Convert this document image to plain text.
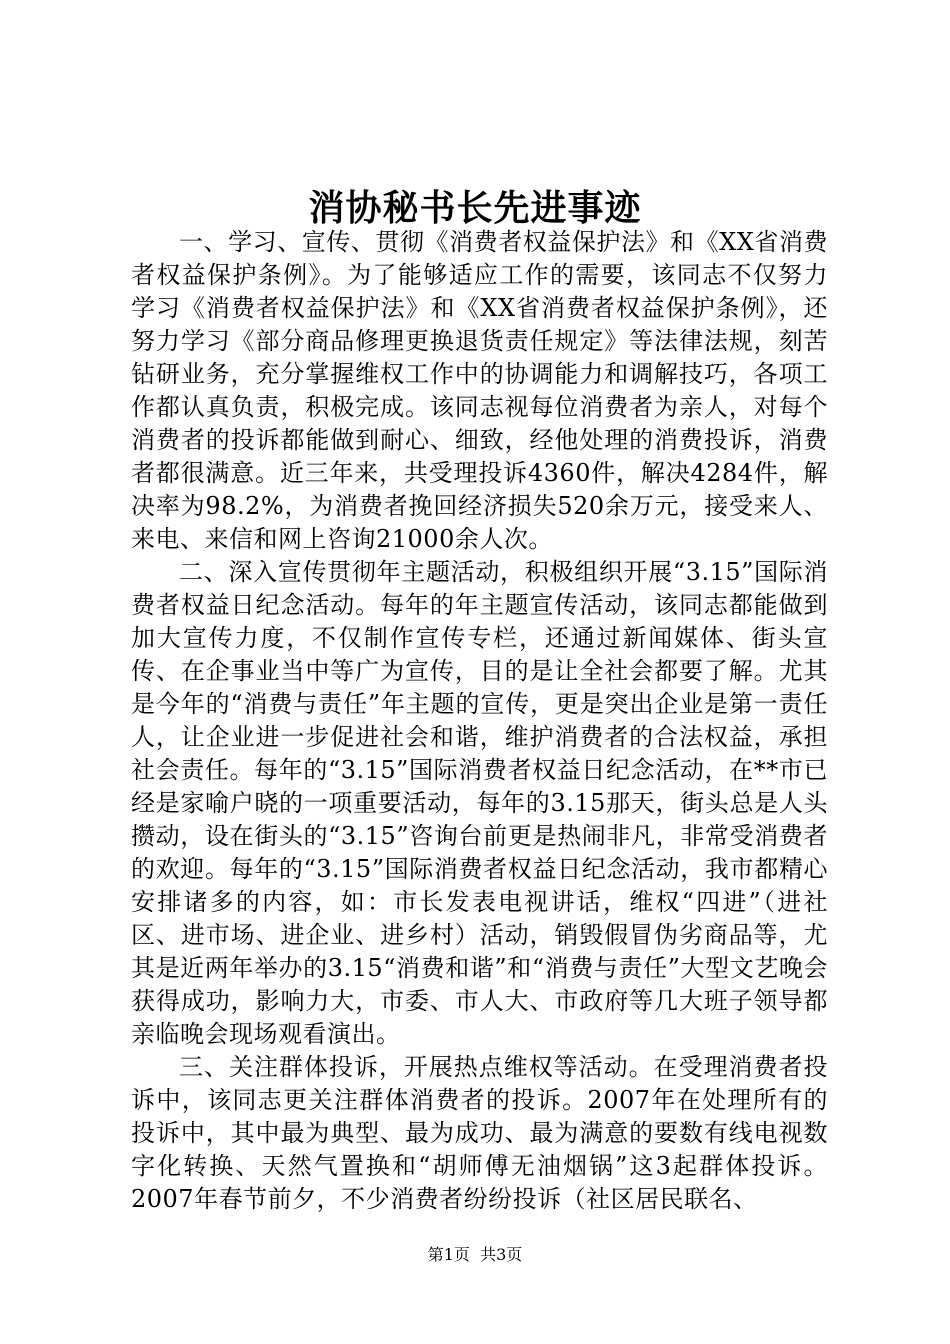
消协秘书长先进事迹

一、学习、宣传、贯彻《消费者权益保护法》和《XX省消费者权益保护条例》。为了能够适应工作的需要，该同志不仅努力学习《消费者权益保护法》和《XX省消费者权益保护条例》，还努力学习《部分商品修理更换退货责任规定》等法律法规，刻苦钻研业务，充分掌握维权工作中的协调能力和调解技巧，各项工作都认真负责，积极完成。该同志视每位消费者为亲人，对每个消费者的投诉都能做到耐心、细致，经他处理的消费投诉，消费者都很满意。近三年来，共受理投诉4360件，解决4284件，解决率为98.2%，为消费者挽回经济损失520余万元，接受来人、来电、来信和网上咨询21000余人次。

二、深入宣传贯彻年主题活动，积极组织开展“3.15”国际消费者权益日纪念活动。每年的年主题宣传活动，该同志都能做到加大宣传力度，不仅制作宣传专栏，还通过新闻媒体、街头宣传、在企事业当中等广为宣传，目的是让全社会都要了解。尤其是今年的“消费与责任”年主题的宣传，更是突出企业是第一责任人，让企业进一步促进社会和谐，维护消费者的合法权益，承担社会责任。每年的“3.15”国际消费者权益日纪念活动，在**市已经是家喻户晓的一项重要活动，每年的3.15那天，街头总是人头攒动，设在街头的“3.15”咨询台前更是热闹非凡，非常受消费者的欢迎。每年的“3.15”国际消费者权益日纪念活动，我市都精心安排诸多的内容，如：市长发表电视讲话，维权“四进”（进社区、进市场、进企业、进乡村）活动，销毁假冒伪劣商品等，尤其是近两年举办的3.15“消费和谐”和“消费与责任”大型文艺晚会获得成功，影响力大，市委、市人大、市政府等几大班子领导都亲临晚会现场观看演出。

三、关注群体投诉，开展热点维权等活动。在受理消费者投诉中，该同志更关注群体消费者的投诉。2007年在处理所有的投诉中，其中最为典型、最为成功、最为满意的要数有线电视数字化转换、天然气置换和“胡师傅无油烟锅”这3起群体投诉。2007年春节前夕，不少消费者纷纷投诉（社区居民联名、

第1页 共3页
